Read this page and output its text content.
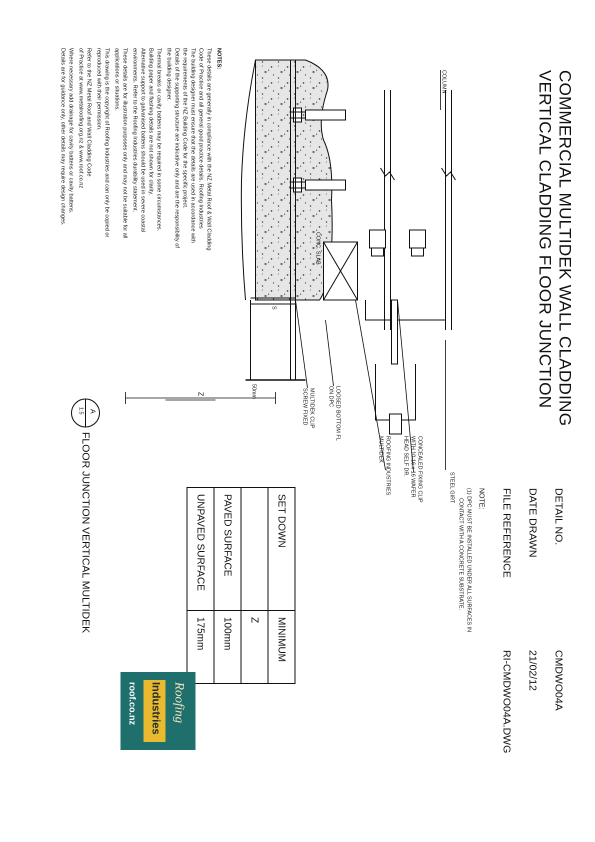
COMMERCIAL MULTIDEK WALL CLADDING
VERTICAL CLADDING FLOOR JUNCTION
DETAIL NO.
CMDWO04A
DATE DRAWN
21/02/12
FILE REFERENCE
RI-CMDWO04A.DWG
NOTE:
(1) DPC MUST BE INSTALLED UNDER ALL SURFACES IN
CONTACT WITH A CONCRETE SUBSTRATE.
COLUMN
STEEL GIRT
CONCEALED FIXING CLIP
WITH 10-16 x 16 WAFER
HEAD SELF DR.
ROOFING INDUSTRIES
MULTIDEK
LOOSED BOTTOM FL
ON DPC
MULTIDEK CLIP
SCREW FIXED
CONC. SLAB
50mm
Z
S
A
1:5
FLOOR JUNCTION VERTICAL MULTIDEK	SET DOWN	MINIMUM
	Z
PAVED SURFACE	100mm
UNPAVED SURFACE	175mm
NOTES:
These details are generally in compliance with the NZ Metal Roof & Wall Cladding
Code of Practice and all general good practice details. Roofing Industries
The building designer must ensure that the details are used in accordance with
the requirements of the NZ Building Code for the specific project.
Details of the supporting structure are indicative only and are the responsibility of
the building designer.
Thermal breaks or cavity battens may be required in some circumstances.
Building paper and flashing details are not shown for clarity.
Alternative support to galvanised battens should be used in severe coastal
environments. Refer to the Roofing Industries durability statement.
These details are for illustration purposes only and may not be suitable for all
applications or situations.
This drawing is the copyright of Roofing Industries and can only be copied or
reproduced with their permission.
Refer to the NZ Metal Roof and Wall Cladding Code
of Practice at www.metalroofing.org.nz & www.roof.co.nz
Where necessary add drainage for cavity battens or cavity battens.
Details are for guidance only, other details may require design changes.
Roofing
Industries
roof.co.nz
